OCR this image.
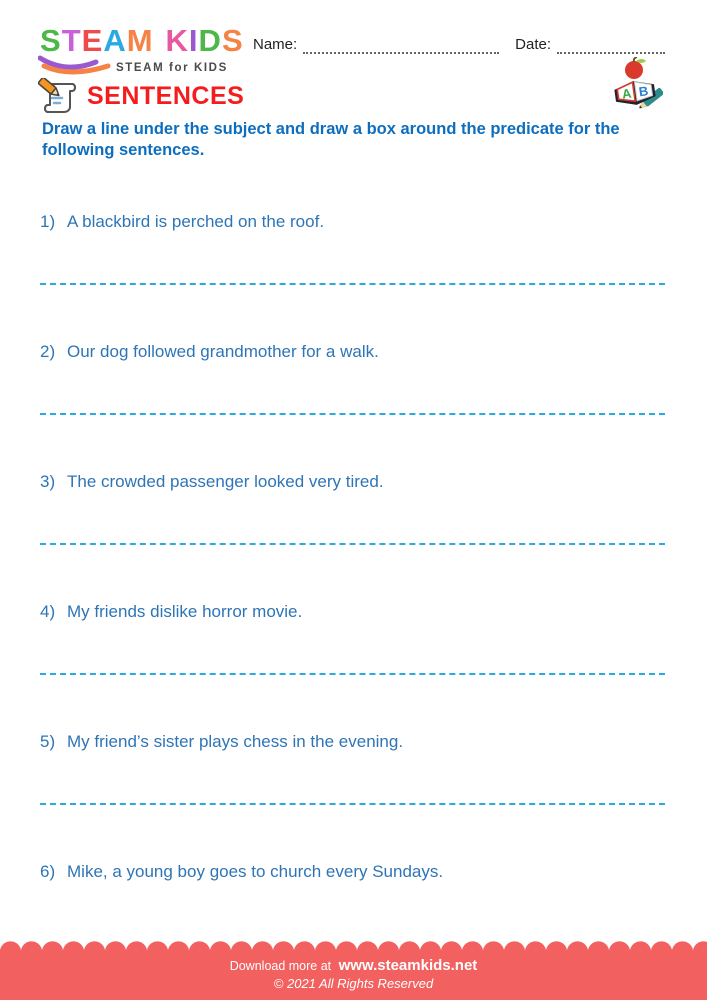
S T E A M K I D S
STEAM for KIDS
Name:	Date:
A B
SENTENCES

Draw a line under the subject and draw a box around the predicate for the following sentences.

1) A blackbird is perched on the roof.
2) Our dog followed grandmother for a walk.
3) The crowded passenger looked very tired.
4) My friends dislike horror movie.
5) My friend’s sister plays chess in the evening.
6) Mike, a young boy goes to church every Sundays.
Download more at www.steamkids.net
© 2021 All Rights Reserved
